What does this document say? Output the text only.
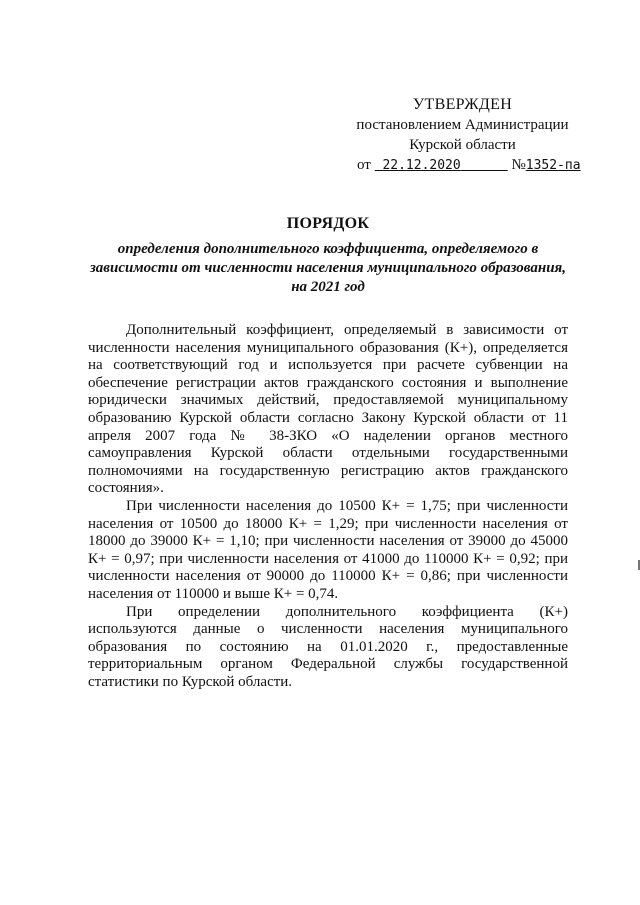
УТВЕРЖДЕН
постановлением Администрации
Курской области
от 22.12.2020	№1352-па
ПОРЯДОК
определения дополнительного коэффициента, определяемого в
зависимости от численности населения муниципального образования,
на 2021 год

Дополнительный коэффициент, определяемый в зависимости от численности населения муниципального образования (К+), определяется на соответствующий год и используется при расчете субвенции на обеспечение регистрации актов гражданского состояния и выполнение юридически значимых действий, предоставляемой муниципальному образованию Курской области согласно Закону Курской области от 11 апреля 2007 года № 38-ЗКО «О наделении органов местного самоуправления Курской области отдельными государственными полномочиями на государственную регистрацию актов гражданского состояния».

При численности населения до 10500 К+ = 1,75; при численности населения от 10500 до 18000 К+ = 1,29; при численности населения от 18000 до 39000 К+ = 1,10; при численности населения от 39000 до 45000 К+ = 0,97; при численности населения от 41000 до 110000 К+ = 0,92; при численности населения от 90000 до 110000 К+ = 0,86; при численности населения от 110000 и выше К+ = 0,74.

При определении дополнительного коэффициента (К+) используются данные о численности населения муниципального образования по состоянию на 01.01.2020 г., предоставленные территориальным органом Федеральной службы государственной статистики по Курской области.
